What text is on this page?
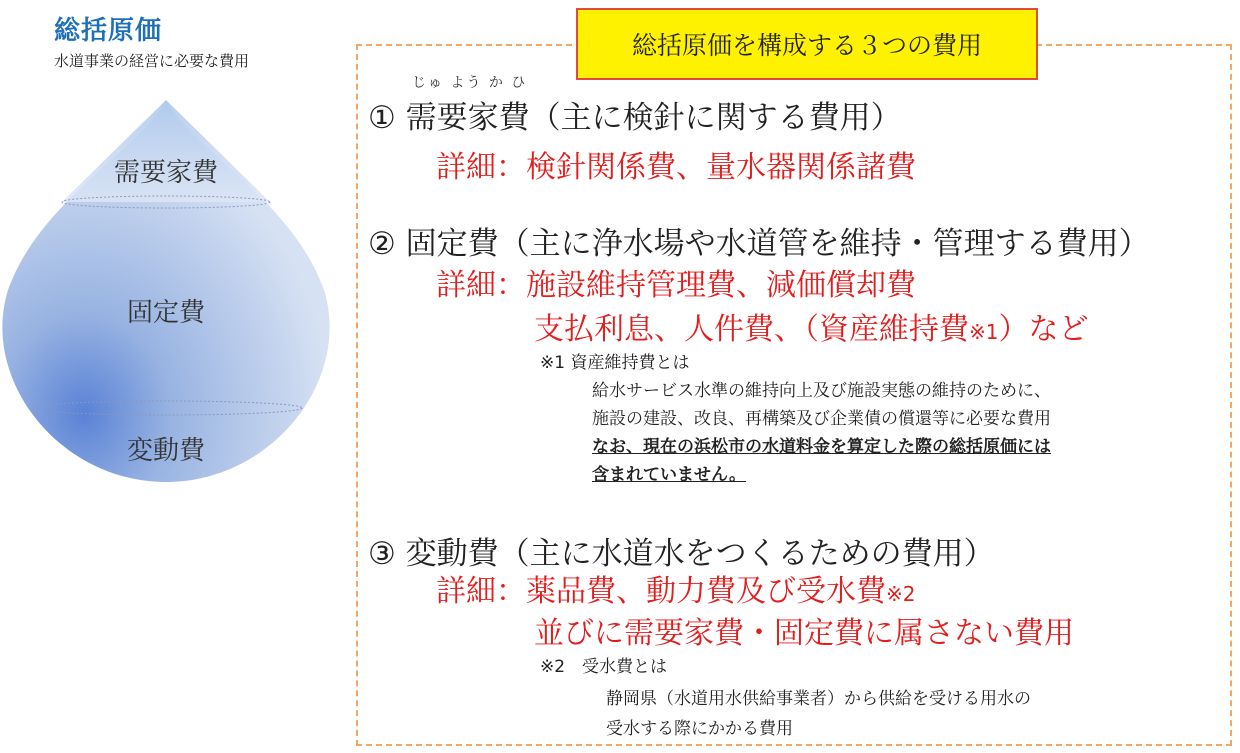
総括原価
水道事業の経営に必要な費用
需要家費
固定費
変動費
総括原価を構成する３つの費用
じゅ よう か ひ
① 需要家費（主に検針に関する費用）
詳細：検針関係費、量水器関係諸費
② 固定費（主に浄水場や水道管を維持・管理する費用）
詳細：施設維持管理費、減価償却費
支払利息、人件費、（資産維持費※1）など
※1 資産維持費とは
給水サービス水準の維持向上及び施設実態の維持のために、
施設の建設、改良、再構築及び企業債の償還等に必要な費用
なお、現在の浜松市の水道料金を算定した際の総括原価には
含まれていません。
③ 変動費（主に水道水をつくるための費用）
詳細：薬品費、動力費及び受水費※2
並びに需要家費・固定費に属さない費用
※2　受水費とは
静岡県（水道用水供給事業者）から供給を受ける用水の
受水する際にかかる費用
